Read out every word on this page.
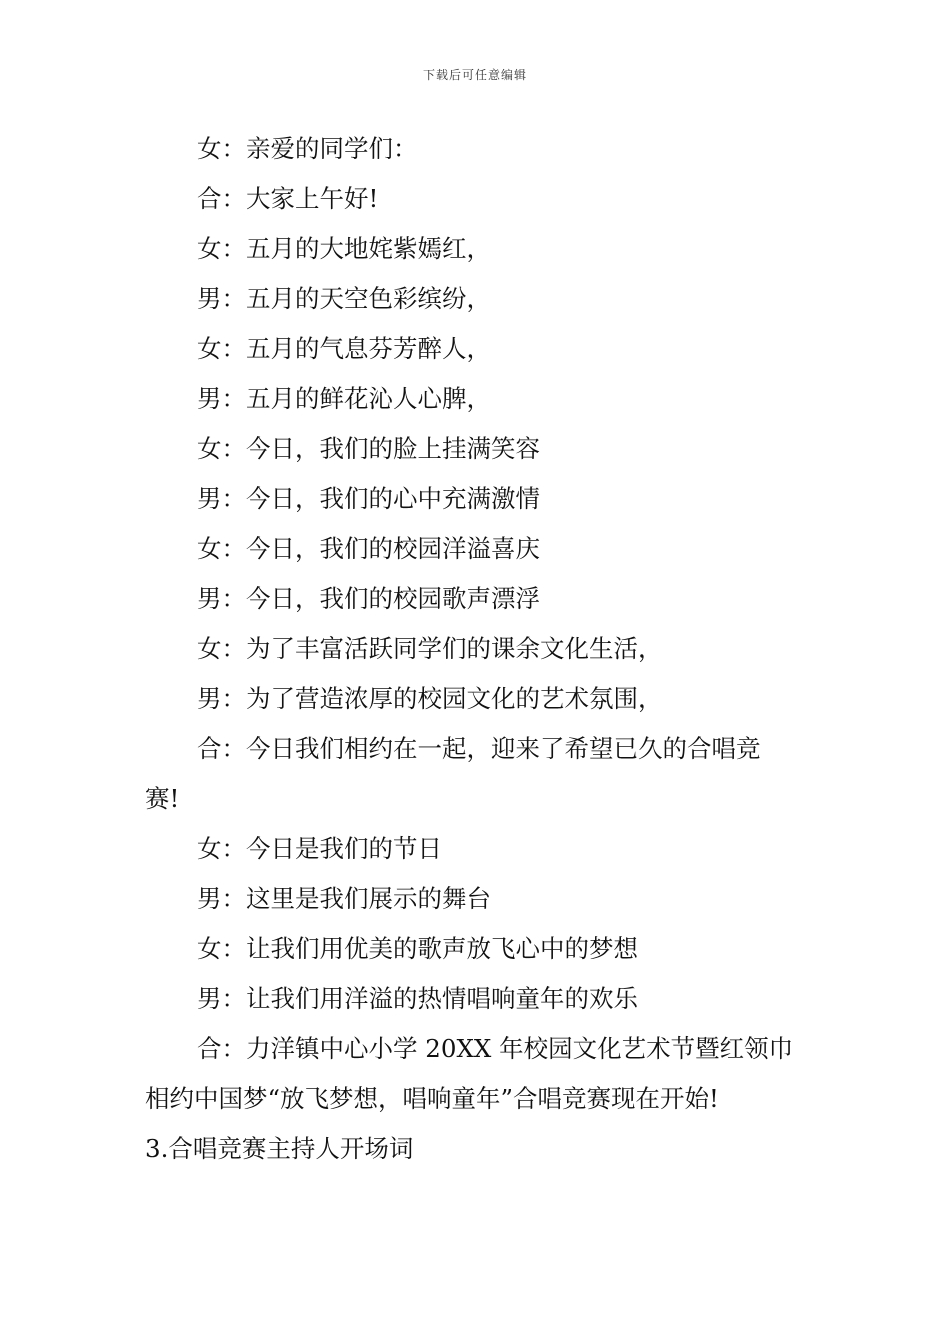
下载后可任意编辑
女：亲爱的同学们：
合：大家上午好!
女：五月的大地姹紫嫣红，
男：五月的天空色彩缤纷，
女：五月的气息芬芳醉人，
男：五月的鲜花沁人心脾，
女：今日，我们的脸上挂满笑容
男：今日，我们的心中充满激情
女：今日，我们的校园洋溢喜庆
男：今日，我们的校园歌声漂浮
女：为了丰富活跃同学们的课余文化生活，
男：为了营造浓厚的校园文化的艺术氛围，
合：今日我们相约在一起，迎来了希望已久的合唱竞
赛!
女：今日是我们的节日
男：这里是我们展示的舞台
女：让我们用优美的歌声放飞心中的梦想
男：让我们用洋溢的热情唱响童年的欢乐
合：力洋镇中心小学 20XX 年校园文化艺术节暨红领巾
相约中国梦“放飞梦想，唱响童年”合唱竞赛现在开始!
3.合唱竞赛主持人开场词
